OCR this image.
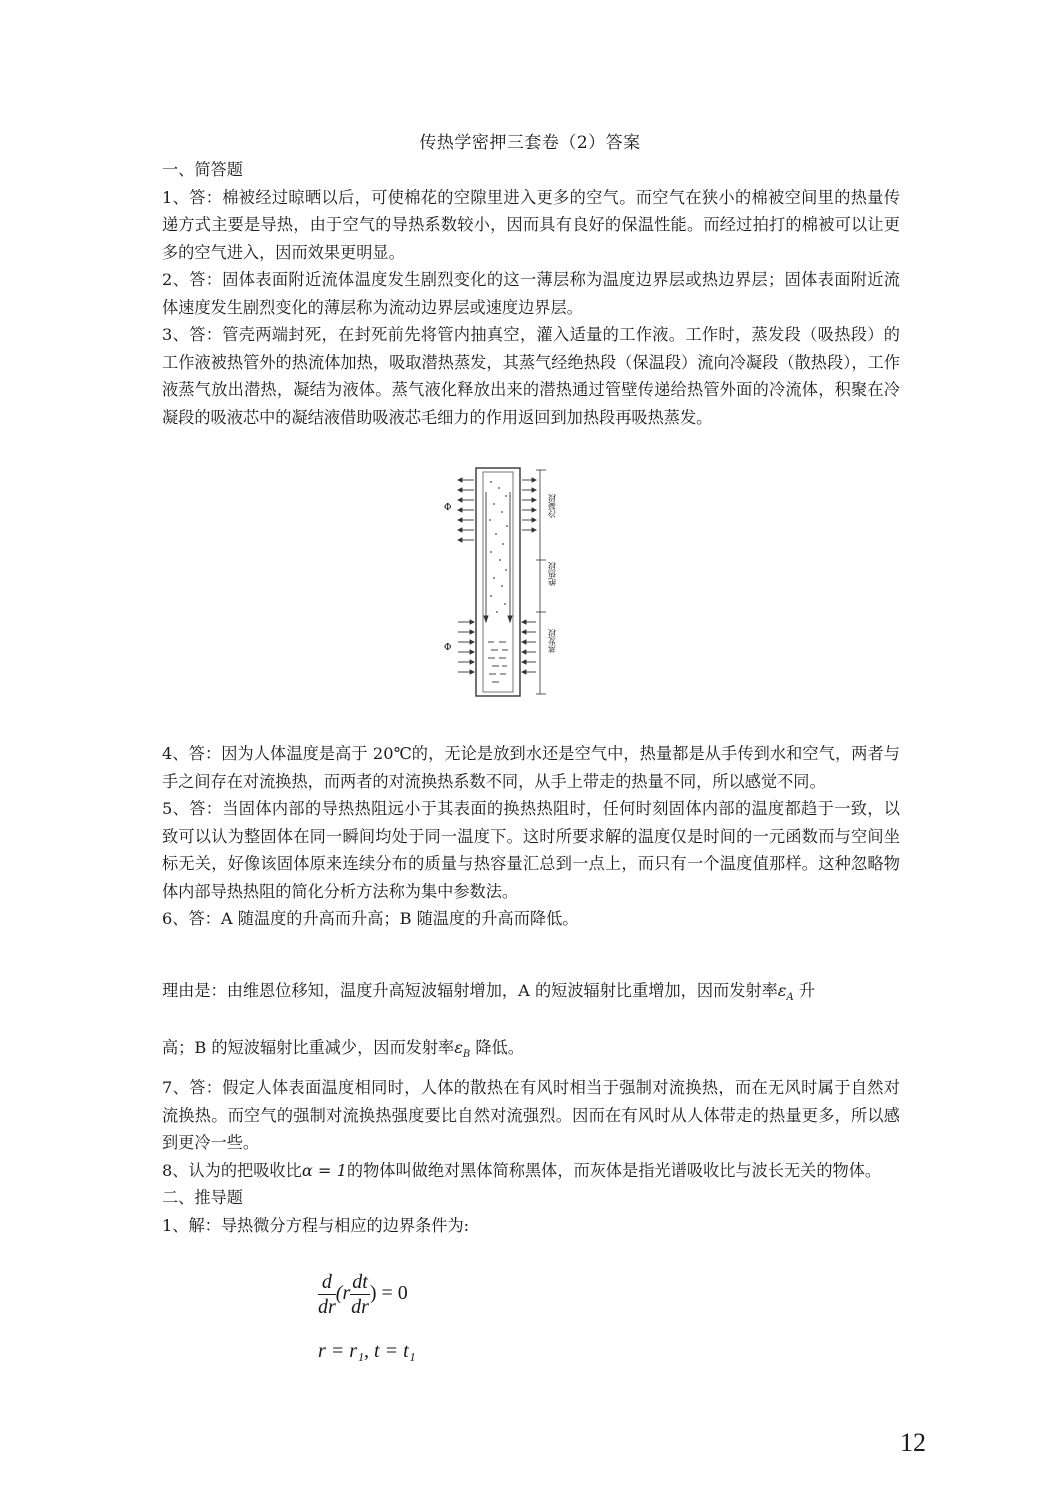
传热学密押三套卷（2）答案

一、简答题

1、答：棉被经过晾晒以后，可使棉花的空隙里进入更多的空气。而空气在狭小的棉被空间里的热量传递方式主要是导热，由于空气的导热系数较小，因而具有良好的保温性能。而经过拍打的棉被可以让更多的空气进入，因而效果更明显。

2、答：固体表面附近流体温度发生剧烈变化的这一薄层称为温度边界层或热边界层；固体表面附近流体速度发生剧烈变化的薄层称为流动边界层或速度边界层。

3、答：管壳两端封死，在封死前先将管内抽真空，灌入适量的工作液。工作时，蒸发段（吸热段）的工作液被热管外的热流体加热，吸取潜热蒸发，其蒸气经绝热段（保温段）流向冷凝段（散热段），工作液蒸气放出潜热，凝结为液体。蒸气液化释放出来的潜热通过管壁传递给热管外面的冷流体，积聚在冷凝段的吸液芯中的凝结液借助吸液芯毛细力的作用返回到加热段再吸热蒸发。

Φ
Φ
冷凝段
绝热段
蒸发段

4、答：因为人体温度是高于 20℃的，无论是放到水还是空气中，热量都是从手传到水和空气，两者与手之间存在对流换热，而两者的对流换热系数不同，从手上带走的热量不同，所以感觉不同。

5、答：当固体内部的导热热阻远小于其表面的换热热阻时，任何时刻固体内部的温度都趋于一致，以致可以认为整固体在同一瞬间均处于同一温度下。这时所要求解的温度仅是时间的一元函数而与空间坐标无关，好像该固体原来连续分布的质量与热容量汇总到一点上，而只有一个温度值那样。这种忽略物体内部导热热阻的简化分析方法称为集中参数法。

6、答：A 随温度的升高而升高；B 随温度的升高而降低。

理由是：由维恩位移知，温度升高短波辐射增加，A 的短波辐射比重增加，因而发射率$\varepsilon_A$ 升
高；B 的短波辐射比重减少，因而发射率$\varepsilon_B$ 降低。

7、答：假定人体表面温度相同时，人体的散热在有风时相当于强制对流换热，而在无风时属于自然对流换热。而空气的强制对流换热强度要比自然对流强烈。因而在有风时从人体带走的热量更多，所以感到更冷一些。

8、认为的把吸收比α = 1的物体叫做绝对黑体简称黑体，而灰体是指光谱吸收比与波长无关的物体。

二、推导题

1、解：导热微分方程与相应的边界条件为:

$\frac{d}{dr} (r \frac{dt}{dr}$ ) = 0
r = r₁, t = t₁
12
